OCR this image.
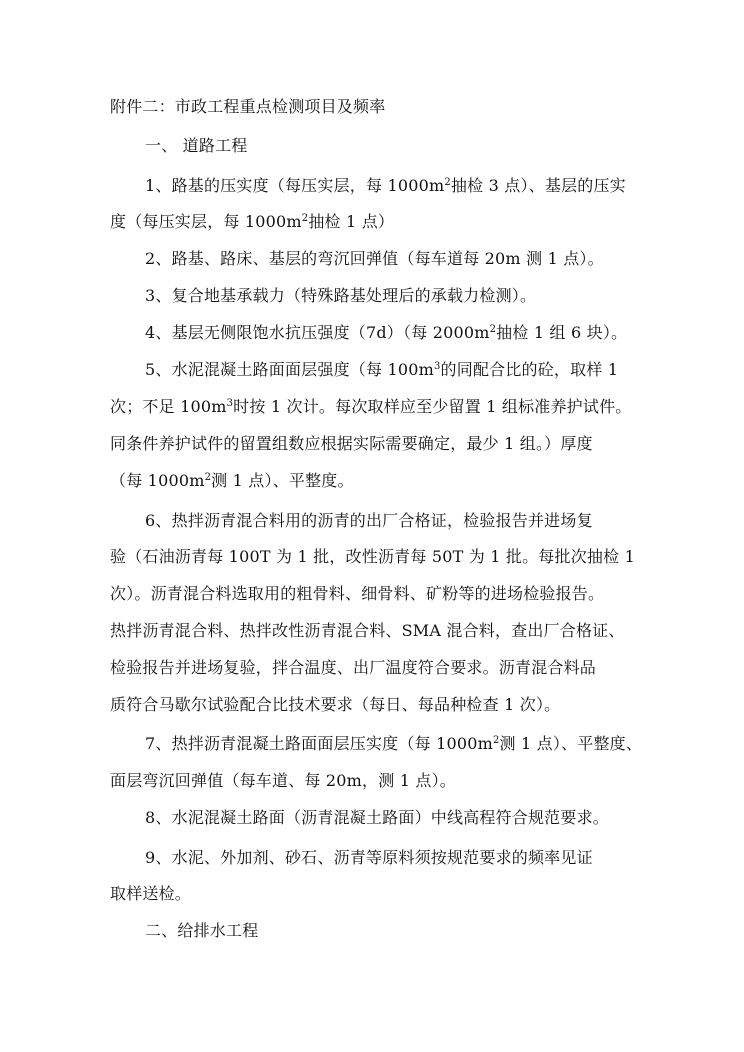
附件二：市政工程重点检测项目及频率
一、 道路工程
1、路基的压实度（每压实层，每 $1000m^2$抽检 3 点）、基层的压实
度（每压实层，每 $1000m^2$抽检 1 点）
2、路基、路床、基层的弯沉回弹值（每车道每 20m 测 1 点）。
3、复合地基承载力（特殊路基处理后的承载力检测）。
4、基层无侧限饱水抗压强度（7d）（每 $2000m^2$抽检 1 组 6 块）。
5、水泥混凝土路面面层强度（每 $100m^3$的同配合比的砼，取样 1
次；不足 $100m^3$时按 1 次计。每次取样应至少留置 1 组标准养护试件。
同条件养护试件的留置组数应根据实际需要确定，最少 1 组。）厚度
（每 $1000m^2$测 1 点）、平整度。
6、热拌沥青混合料用的沥青的出厂合格证，检验报告并进场复
验（石油沥青每 100T 为 1 批，改性沥青每 50T 为 1 批。每批次抽检 1
次）。沥青混合料选取用的粗骨料、细骨料、矿粉等的进场检验报告。
热拌沥青混合料、热拌改性沥青混合料、SMA 混合料，查出厂合格证、
检验报告并进场复验，拌合温度、出厂温度符合要求。沥青混合料品
质符合马歇尔试验配合比技术要求（每日、每品种检查 1 次）。
7、热拌沥青混凝土路面面层压实度（每 $1000m^2$测 1 点）、平整度、
面层弯沉回弹值（每车道、每 20m，测 1 点）。
8、水泥混凝土路面（沥青混凝土路面）中线高程符合规范要求。
9、水泥、外加剂、砂石、沥青等原料须按规范要求的频率见证
取样送检。
二、给排水工程
